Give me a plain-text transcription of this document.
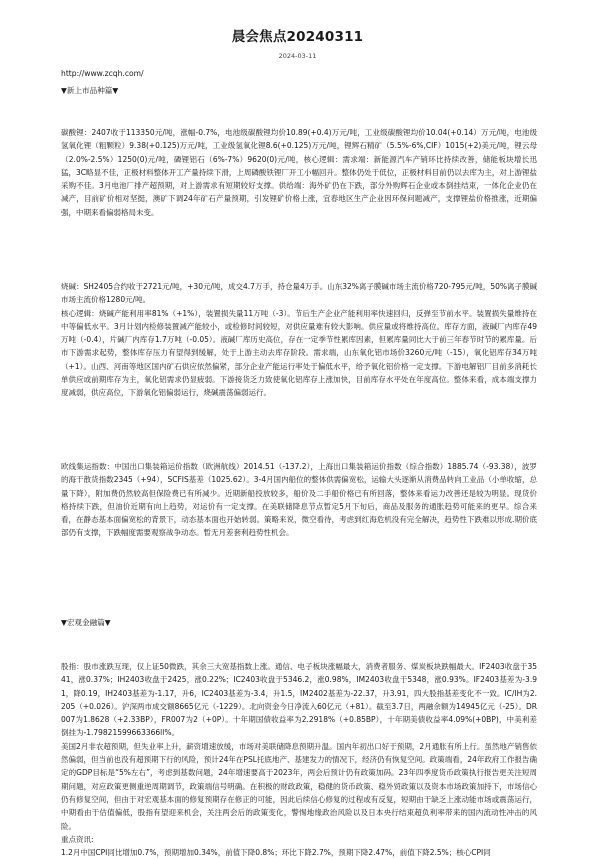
晨会焦点20240311
2024-03-11
http://www.zcqh.com/
▼新上市品种篇▼

碳酸锂：2407收于113350元/吨，涨幅-0.7%，电池级碳酸锂均价10.89(+0.4)万元/吨，工业级碳酸锂均价10.04(+0.14）万元/吨，电池级氢氧化锂（粗颗粒）9.38(+0.125)万元/吨，工业级氢氧化锂8.6(+0.125)万元/吨，锂辉石精矿（5.5%-6%,CIF）1015(+2)美元/吨，锂云母（2.0%-2.5%）1250(0)元/吨，磷锂铝石（6%-7%）9620(0)元/吨，核心逻辑：需求端：新能源汽车产销环比持续改善，储能板块增长迅猛，3C略显不佳，正极材料整体开工产量持续下滑，上周磷酸铁锂厂开工小幅回升。整体仍处于低位，正极材料目前仍以去库为主，对上游锂盐采购不佳。3月电池厂排产超预期，对上游需求有短期较好支撑。供给端：海外矿仍在下跌，部分外购辉石企业或本倒挂结束，一体化企业仍在减产，目前矿价相对坚挺，澳矿下调24年矿石产量预期，引发锂矿价格上涨，宜春地区生产企业因环保问题减产，支撑锂盐价格推涨，近期偏强，中期来看偏弱格局未变。

烧碱：SH2405合约收于2721元/吨，+30元/吨，成交4.7万手，持仓量4万手。山东32%离子膜碱市场主流价格720-795元/吨，50%离子膜碱市场主流价格1280元/吨。
核心逻辑：烧碱产能利用率81%（+1%），装置损失量11万吨（-3）。节后生产企业产能利用率快速回归，反弹至节前水平。装置损失量维持在中等偏低水平。3月计划内检修装置减产能较小，或检修时间较短，对供应量难有较大影响。供应量或将维持高位。库存方面，液碱厂内库存49万吨（-0.4），片碱厂内库存1.7万吨（-0.05）。液碱厂库历史高位，存在一定季节性累库因素，但累库量同比大于前三年春节时节的累库量。后市下游需求起势，整体库存压力有望得到缓解，处于上游主动去库存阶段。需求端，山东氧化铝市场价3260元/吨（-15），氧化铝库存34万吨（+1）。山西、河南等地区国内矿石供应依然偏紧，部分企业产能运行率处于偏低水平，给予氧化铝价格一定支撑。下游电解铝厂目前多消耗长单供应或前期库存为主，氧化铝需求仍显疲弱。下游接货乏力致使氧化铝库存上涨加快，目前库存水平处在年度高位。整体来看，成本端支撑力度减弱，供应高位，下游氧化铝偏弱运行，烧碱震荡偏弱运行。

欧线集运指数：中国出口集装箱运价指数（欧洲航线）2014.51（-137.2），上海出口集装箱运价指数（综合指数）1885.74（-93.38），波罗的海干散货指数2345（+94），SCFIS基差（1025.62）。3-4月国内船位的整体供需偏宽松，运输大头逐渐从消费品转向工业品（小单收缩，总量下降），附加费仍然较高但保险费已有所减少。近期新船投放较多，船价及二手船价格已有所回落，整体来看运力改善还是较为明显。现货价格持续下跌，但油价近期有向上趋势，对运价有一定支撑。在美联储降息节点暂定5月下旬后，商品及服务的通胀趋势可能来的更早。综合来看，在静态基本面偏宽松的背景下，动态基本面也开始转弱。策略来说，微空看待，考虑到红海危机没有完全解决，趋势性下跌难以形成.期价底部仍有支撑，下跌幅度需要观察战争动态。暂无月差套利趋势性机会。

▼宏观金融篇▼

股指：股市涨跌互现，仅上证50微跌，其余三大宽基指数上涨。通信、电子板块涨幅最大，消费者服务、煤炭板块跌幅最大。IF2403收盘于3541，涨0.37%；IH2403收盘于2425，涨0.22%；IC2403收盘于5346.2，涨0.98%，IM2403收盘于5348，涨0.93%。IF2403基差为-3.91，降0.19，IH2403基差为-1.17，升6，IC2403基差为-3.4，升1.5，IM2402基差为-22.37，升3.91，四大股指基差变化不一致。IC/IH为2.205（+0.026）。沪深两市成交额8665亿元（-1229）。北向资金今日净流入60亿元（+81）。截至3.7日，两融余额为14945亿元（-25）。DR007为1.8628（+2.33BP），FR007为2（+0P）。十年期国债收益率为2.2918%（+0.85BP），十年期美债收益率4.09%(+0BP)，中美利差倒挂为-1.79821599663366ll%。
美国2月非农超预期，但失业率上升，薪资增速放缓，市场对美联储降息预期升温。国内年初出口好于预期，2月通胀有所上行。虽然地产销售依然偏弱，但当前也没有超预期下行的风险，预计24年在PSL托底地产、基建发力的情况下，经济仍有恢复空间。政策端看，24年政府工作报告确定的GDP目标是“5%左右”，考虑到基数问题，24年增速要高于2023年，两会后预计仍有政策加码。23年四季度货币政策执行报告更关注短周期问题，对应政策更侧重逆周期调节，政策端信号明确。在积极的财政政策，稳健的货币政策、稳外贸政策以及资本市场政策加持下，市场信心仍有修复空间，但由于对宏观基本面的修复预期存在修正的可能，因此后续信心修复的过程或有反复，短期由于缺乏上涨动能市场或震荡运行，中期看由于估值偏低，股指有望迎来机会，关注两会后的政策变化，警惕地缘政治风险以及日本央行结束超负利率带来的国内流动性冲击的风险。
重点资讯:
1.2月中国CPI同比增加0.7%，预期增加0.34%，前值下降0.8%；环比下降2.7%，预期下降2.47%，前值下降2.5%；核心CPI同
